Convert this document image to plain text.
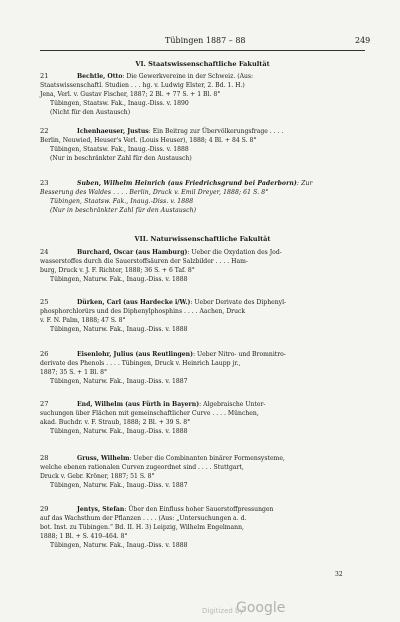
Tübingen 1887 – 88	249
VI. Staatswissenschaftliche Fakultät
21	Bechtle, Otto: Die Gewerkvereine in der Schweiz. (Aus:
Staatswissenschaftl. Studien . . . hg. v. Ludwig Elster, 2. Bd. 1. H.)
Jena, Verl. v. Gustav Fischer, 1887; 2 Bl. + 77 S. + 1 Bl. 8°
Tübingen, Staatsw. Fak., Inaug.-Diss. v. 1890
(Nicht für den Austausch)
22	Ichenhaeuser, Justus: Ein Beitrag zur Übervölkerungsfrage . . . .
Berlin, Neuwied, Heuser's Verl. (Louis Heuser), 1888; 4 Bl. + 84 S. 8°
Tübingen, Staatsw. Fak., Inaug.-Diss. v. 1888
(Nur in beschränkter Zahl für den Austausch)
23	Suben, Wilhelm Heinrich (aus Friedrichsgrund bei Paderborn): Zur
Besserung des Waldes . . . . Berlin, Druck v. Emil Dreyer, 1888; 61 S. 8°
Tübingen, Staatsw. Fak., Inaug.-Diss. v. 1888
(Nur in beschränkter Zahl für den Austausch)
VII. Naturwissenschaftliche Fakultät
24	Burchard, Oscar (aus Hamburg): Ueber die Oxydation des Jod-
wasserstoffes durch die Sauerstoffsäuren der Salzbilder . . . . Ham-
burg, Druck v. J. F. Richter, 1888; 36 S. + 6 Taf. 8°
Tübingen, Naturw. Fak., Inaug.-Diss. v. 1888
25	Dürken, Carl (aus Hardecke i/W.): Ueber Derivate des Diphenyl-
phosphorchlorürs und des Diphenylphosphins . . . . Aachen, Druck
v. F. N. Palm, 1888; 47 S. 8°
Tübingen, Naturw. Fak., Inaug.-Diss. v. 1888
26	Eisenlohr, Julius (aus Reutlingen): Ueber Nitro- und Bromnitro-
derivate des Phenols . . . . Tübingen, Druck v. Heinrich Laupp jr.,
1887; 35 S. + 1 Bl. 8°
Tübingen, Naturw. Fak., Inaug.-Diss. v. 1887
27	End, Wilhelm (aus Fürth in Bayern): Algebraische Unter-
suchungen über Flächen mit gemeinschaftlicher Curve . . . . München,
akad. Buchdr. v. F. Straub, 1888; 2 Bl. + 39 S. 8°
Tübingen, Naturw. Fak., Inaug.-Diss. v. 1888
28	Gruss, Wilhelm: Ueber die Combinanten binärer Formensysteme,
welche ebenen rationalen Curven zugeordnet sind . . . . Stuttgart,
Druck v. Gebr. Kröner, 1887; 51 S. 8°
Tübingen, Naturw. Fak., Inaug.-Diss. v. 1887
29	Jentys, Stefan: Über den Einfluss hoher Sauerstoffpressungen
auf das Wachsthum der Pflanzen . . . . (Aus: „Untersuchungen a. d.
bot. Inst. zu Tübingen.“ Bd. II. H. 3) Leipzig, Wilhelm Engelmann,
1888; 1 Bl. + S. 419–464. 8°
Tübingen, Naturw. Fak., Inaug.-Diss. v. 1888
32
Digitized by
Google
